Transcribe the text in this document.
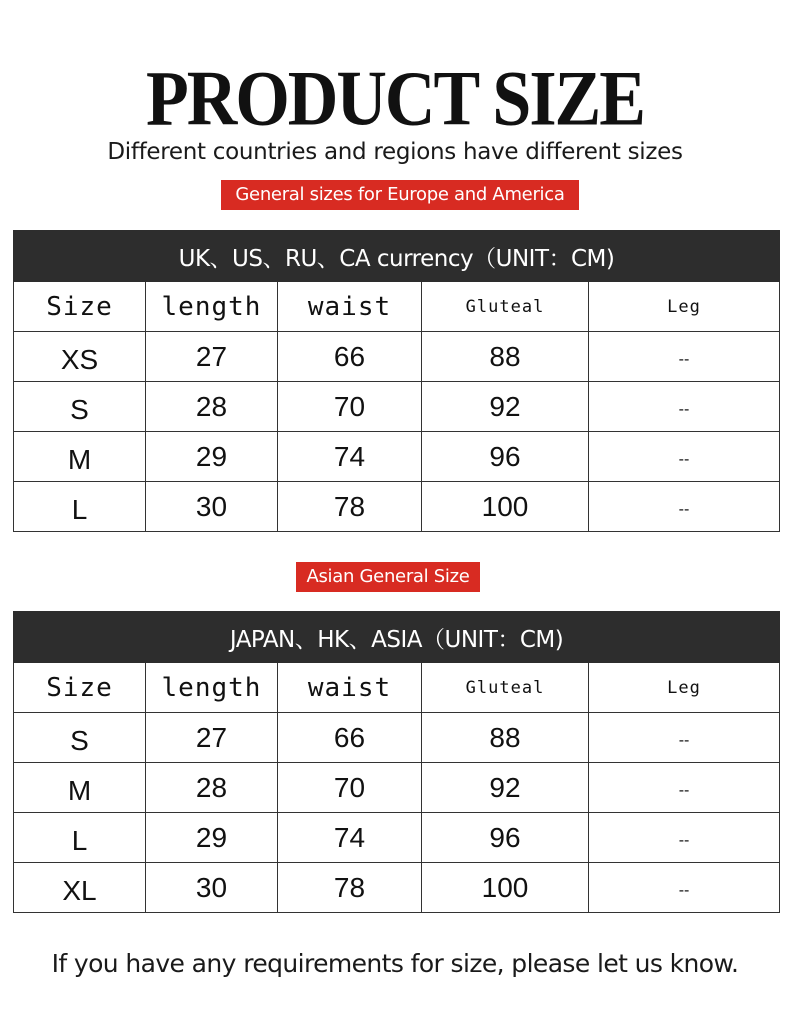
PRODUCT SIZE
Different countries and regions have different sizes
General sizes for Europe and America
UK、US、RU、CA currency（UNIT：CM)				
Size	length	waist	Gluteal	Leg
XS	27	66	88	--
S	28	70	92	--
M	29	74	96	--
L	30	78	100	--
Asian General Size
JAPAN、HK、ASIA（UNIT：CM)				
Size	length	waist	Gluteal	Leg
S	27	66	88	--
M	28	70	92	--
L	29	74	96	--
XL	30	78	100	--
If you have any requirements for size, please let us know.
